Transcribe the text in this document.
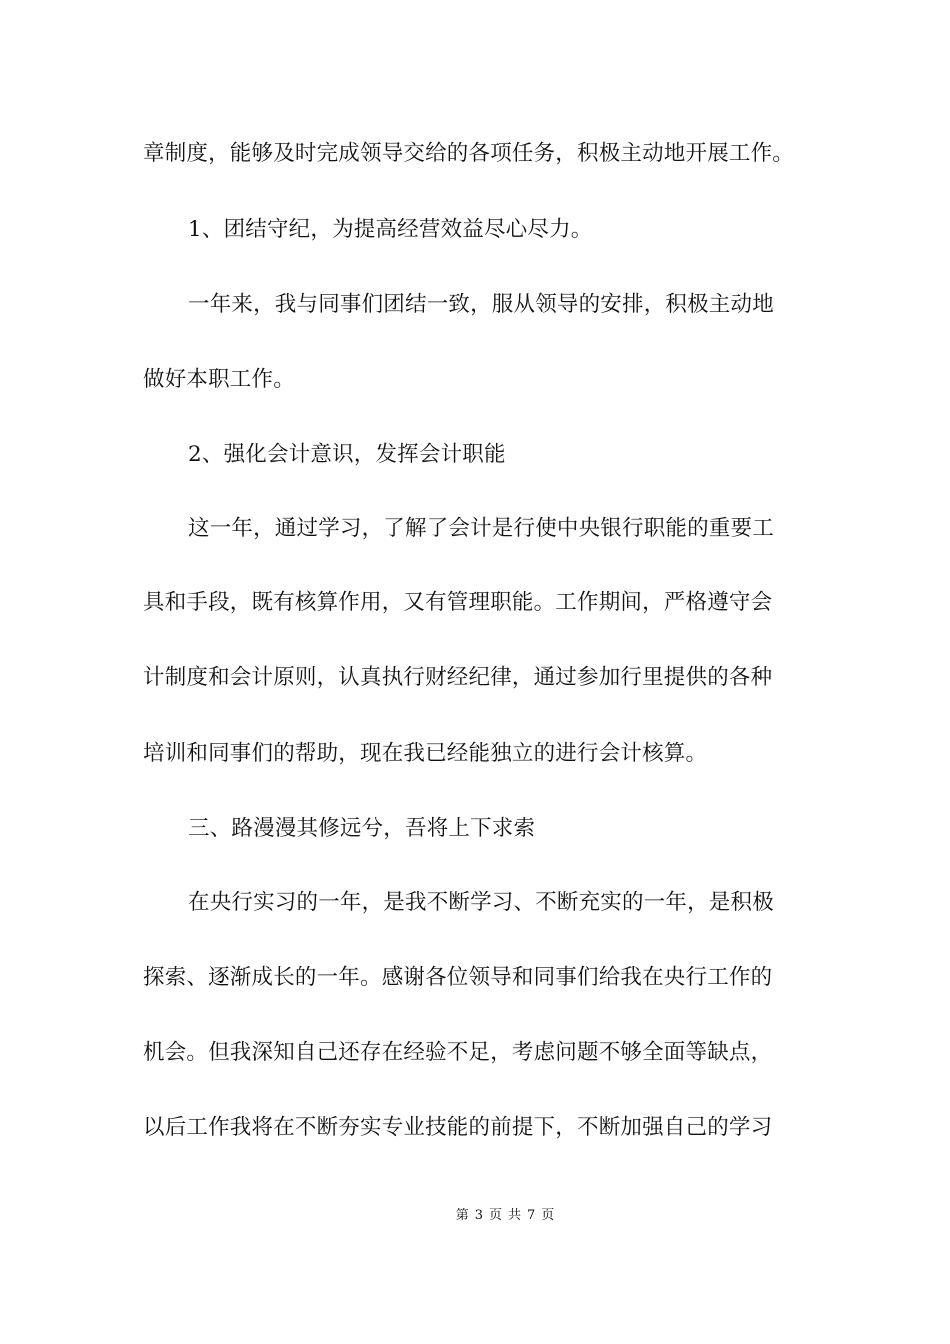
章制度，能够及时完成领导交给的各项任务，积极主动地开展工作。
1、团结守纪，为提高经营效益尽心尽力。
一年来，我与同事们团结一致，服从领导的安排，积极主动地
做好本职工作。
2、强化会计意识，发挥会计职能
这一年，通过学习，了解了会计是行使中央银行职能的重要工
具和手段，既有核算作用，又有管理职能。工作期间，严格遵守会
计制度和会计原则，认真执行财经纪律，通过参加行里提供的各种
培训和同事们的帮助，现在我已经能独立的进行会计核算。
三、路漫漫其修远兮，吾将上下求索
在央行实习的一年，是我不断学习、不断充实的一年，是积极
探索、逐渐成长的一年。感谢各位领导和同事们给我在央行工作的
机会。但我深知自己还存在经验不足，考虑问题不够全面等缺点，
以后工作我将在不断夯实专业技能的前提下，不断加强自己的学习
第 3 页 共 7 页
